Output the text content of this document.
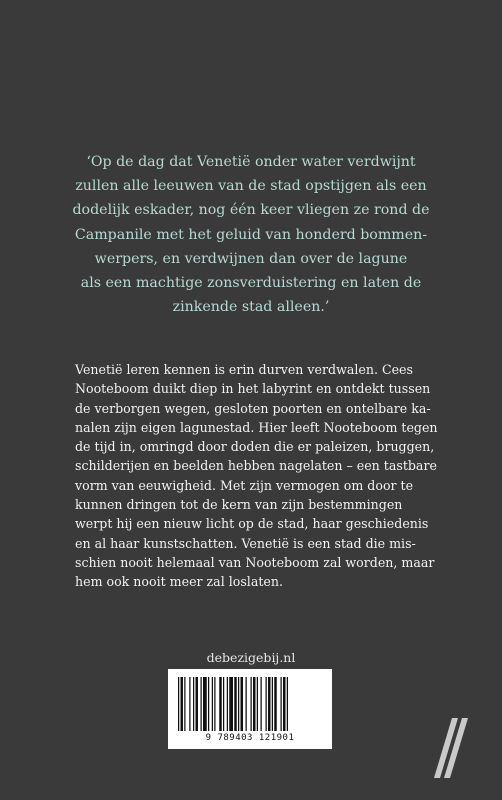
‘Op de dag dat Venetië onder water verdwijnt
zullen alle leeuwen van de stad opstijgen als een
dodelijk eskader, nog één keer vliegen ze rond de
Campanile met het geluid van honderd bommen-
werpers, en verdwijnen dan over de lagune
als een machtige zonsverduistering en laten de
zinkende stad alleen.’
Venetië leren kennen is erin durven verdwalen. Cees
Nooteboom duikt diep in het labyrint en ontdekt tussen
de verborgen wegen, gesloten poorten en ontelbare ka-
nalen zijn eigen lagunestad. Hier leeft Nooteboom tegen
de tijd in, omringd door doden die er paleizen, bruggen,
schilderijen en beelden hebben nagelaten – een tastbare
vorm van eeuwigheid. Met zijn vermogen om door te
kunnen dringen tot de kern van zijn bestemmingen
werpt hij een nieuw licht op de stad, haar geschiedenis
en al haar kunstschatten. Venetië is een stad die mis-
schien nooit helemaal van Nooteboom zal worden, maar
hem ook nooit meer zal loslaten.
debezigebij.nl
9 789403 121901
